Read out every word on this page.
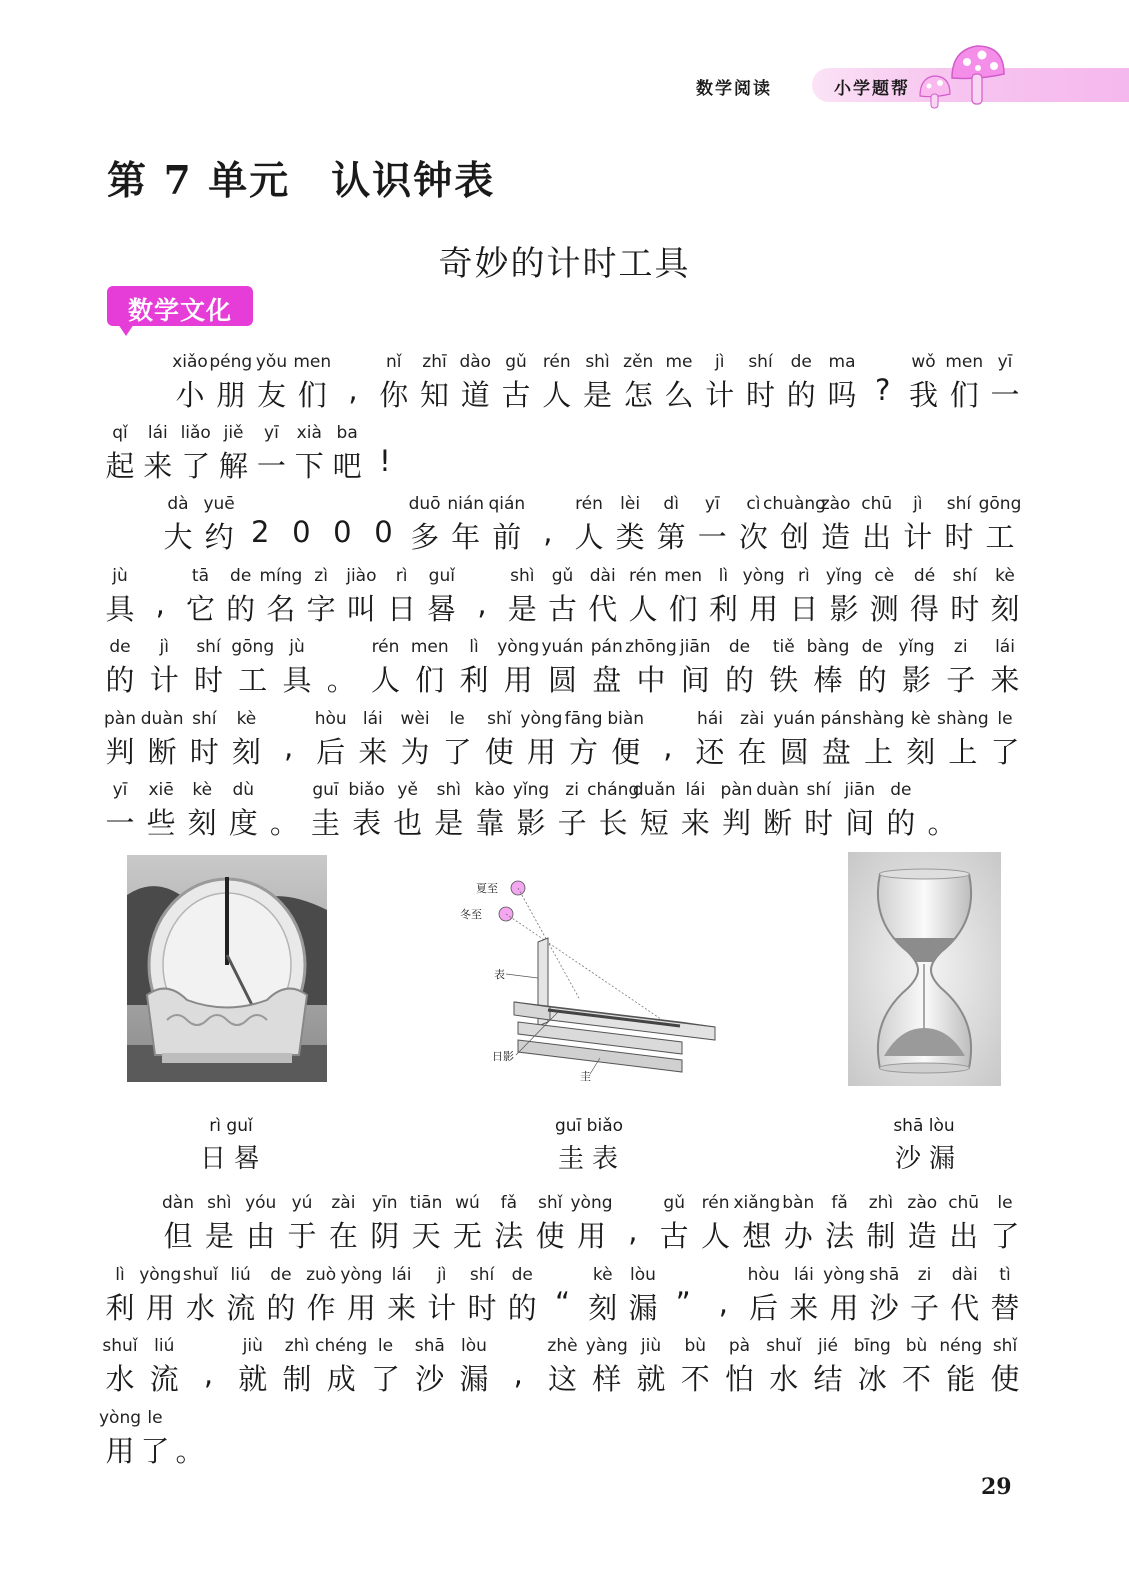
数学阅读	小学题帮
第 7 单元　认识钟表
奇妙的计时工具
数学文化
小 朋 友 们 , 你 知 道 古 人 是 怎 么 计 时 的 吗 ? 我 们 一
xiǎo péng yǒu men	nǐ zhī dào gǔ rén shì zěn me jì shí de ma	wǒ men yī
起 来 了 解 一 下 吧 !
qǐ lái liǎo jiě yī xià ba
大 约 2 0 0 0 多 年 前 , 人 类 第 一 次 创 造 出 计 时 工
dà yuē	duō nián qián	rén lèi dì yī cì chuàng
zào chū jì shí gōng
具 , 它 的 名 字 叫 日 晷 , 是 古 代 人 们 利 用 日 影 测 得 时 刻
jù	tā de míng zì jiào rì guǐ	shì gǔ dài rén men lì yòng rì yǐng cè dé shí kè
的 计 时 工 具 。 人 们 利 用 圆 盘 中 间 的 铁 棒 的 影 子 来
de jì shí gōng jù	rén men lì yòng yuán pán zhōng jiān de tiě bàng de yǐng zi lái
判 断 时 刻 , 后 来 为 了 使 用 方 便 , 还 在 圆 盘 上 刻 上 了
pàn duàn shí kè	hòu lái wèi le shǐ yòng fāng biàn	hái zài yuán pán shàng kè shàng le
一 些 刻 度 。 圭 表 也 是 靠 影 子 长 短 来 判 断 时 间 的 。
yī xiē kè dù	guī biǎo yě shì kào yǐng zi cháng
duǎn lái pàn duàn shí jiān de
但 是 由 于 在 阴 天 无 法 使 用 , 古 人 想 办 法 制 造 出 了
dàn shì yóu yú zài yīn tiān wú fǎ shǐ yòng	gǔ rén xiǎng bàn fǎ zhì zào chū le
利 用 水 流 的 作 用 来 计 时 的 “ 刻 漏 ” , 后 来 用 沙 子 代 替
lì yòng shuǐ liú de zuò yòng lái jì shí de	kè lòu	hòu lái yòng shā zi dài tì
水 流 , 就 制 成 了 沙 漏 , 这 样 就 不 怕 水 结 冰 不 能 使
shuǐ liú	jiù zhì chéng le shā lòu	zhè yàng jiù bù pà shuǐ jié bīng bù néng shǐ
用 了 。
yòng le
夏至
冬至
表
日影
圭
rì guǐ
日晷
guī biǎo
圭表
shā lòu
沙漏
29
